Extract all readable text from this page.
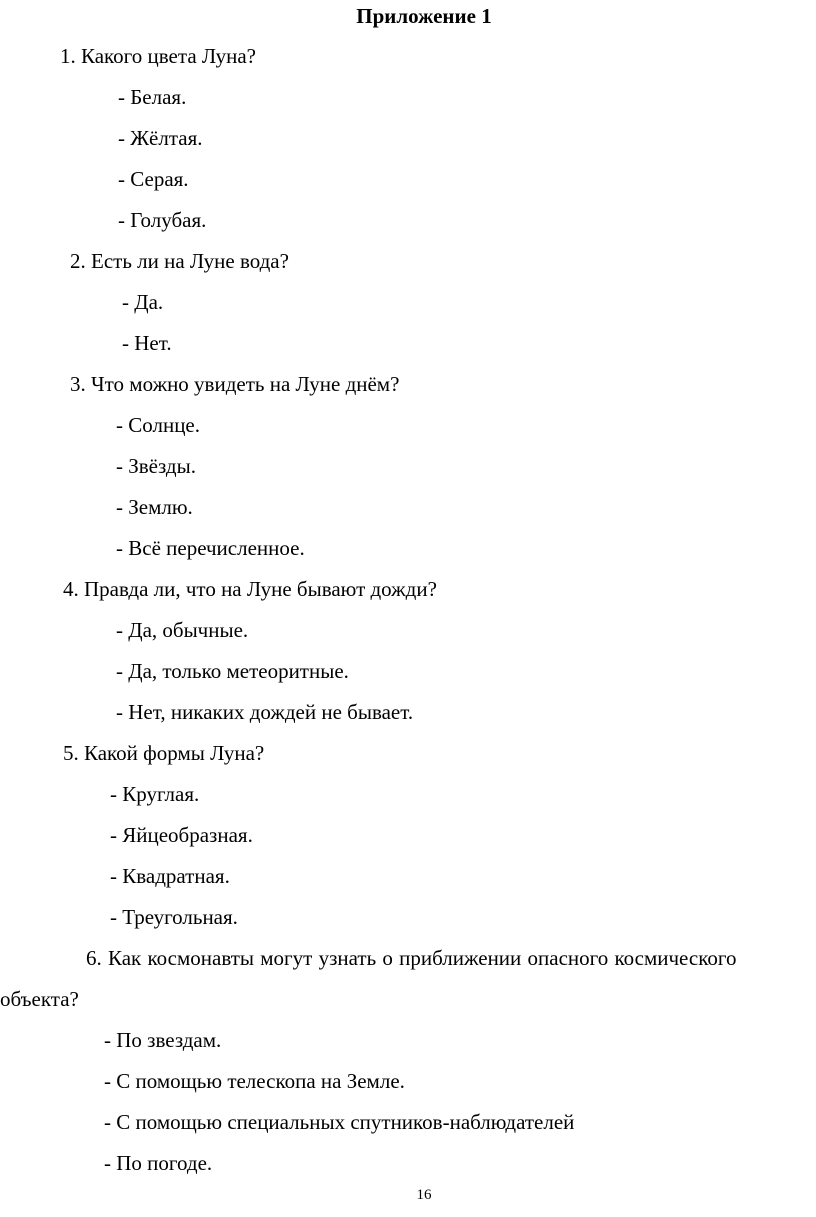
Приложение 1
1. Какого цвета Луна?
- Белая.
- Жёлтая.
- Серая.
- Голубая.
2. Есть ли на Луне вода?
- Да.
- Нет.
3. Что можно увидеть на Луне днём?
- Солнце.
- Звёзды.
- Землю.
- Всё перечисленное.
4. Правда ли, что на Луне бывают дожди?
- Да, обычные.
- Да, только метеоритные.
- Нет, никаких дождей не бывает.
5. Какой формы Луна?
- Круглая.
- Яйцеобразная.
- Квадратная.
- Треугольная.
6. Как космонавты могут узнать о приближении опасного космического
объекта?
- По звездам.
- С помощью телескопа на Земле.
- С помощью специальных спутников-наблюдателей
- По погоде.
16
